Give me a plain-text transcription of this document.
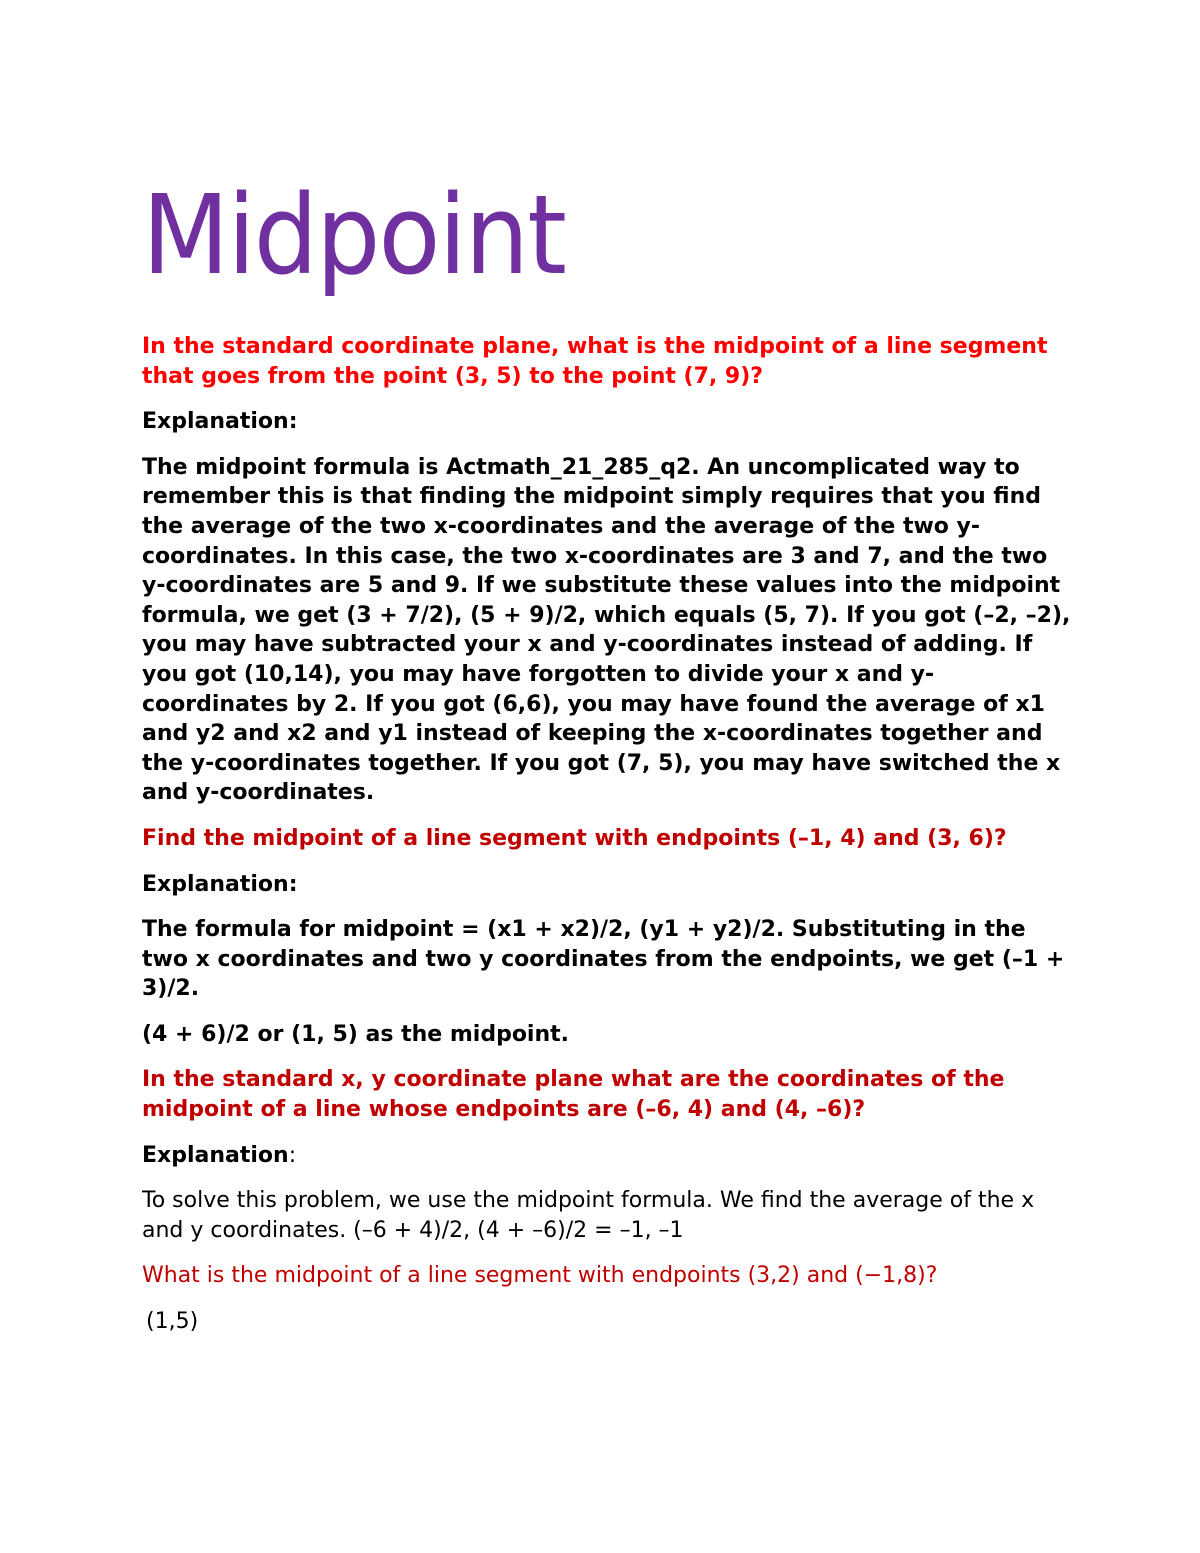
Midpoint

In the standard coordinate plane, what is the midpoint of a line segment that goes from the point (3, 5) to the point (7, 9)?

Explanation:

The midpoint formula is Actmath_21_285_q2. An uncomplicated way to remember this is that finding the midpoint simply requires that you find the average of the two x-coordinates and the average of the two y-coordinates. In this case, the two x-coordinates are 3 and 7, and the two y-coordinates are 5 and 9. If we substitute these values into the midpoint formula, we get (3 + 7/2), (5 + 9)/2, which equals (5, 7). If you got (–2, –2), you may have subtracted your x and y-coordinates instead of adding. If you got (10,14), you may have forgotten to divide your x and y-coordinates by 2. If you got (6,6), you may have found the average of x1 and y2 and x2 and y1 instead of keeping the x-coordinates together and the y-coordinates together. If you got (7, 5), you may have switched the x and y-coordinates.

Find the midpoint of a line segment with endpoints (–1, 4) and (3, 6)?

Explanation:

The formula for midpoint = (x1 + x2)/2, (y1 + y2)/2. Substituting in the two x coordinates and two y coordinates from the endpoints, we get (–1 + 3)/2.

(4 + 6)/2 or (1, 5) as the midpoint.

In the standard x, y coordinate plane what are the coordinates of the midpoint of a line whose endpoints are (–6, 4) and (4, –6)?

Explanation:

To solve this problem, we use the midpoint formula. We find the average of the x and y coordinates. (–6 + 4)/2, (4 + –6)/2 = –1, –1

What is the midpoint of a line segment with endpoints (3,2) and (−1,8)?

(1,5)
